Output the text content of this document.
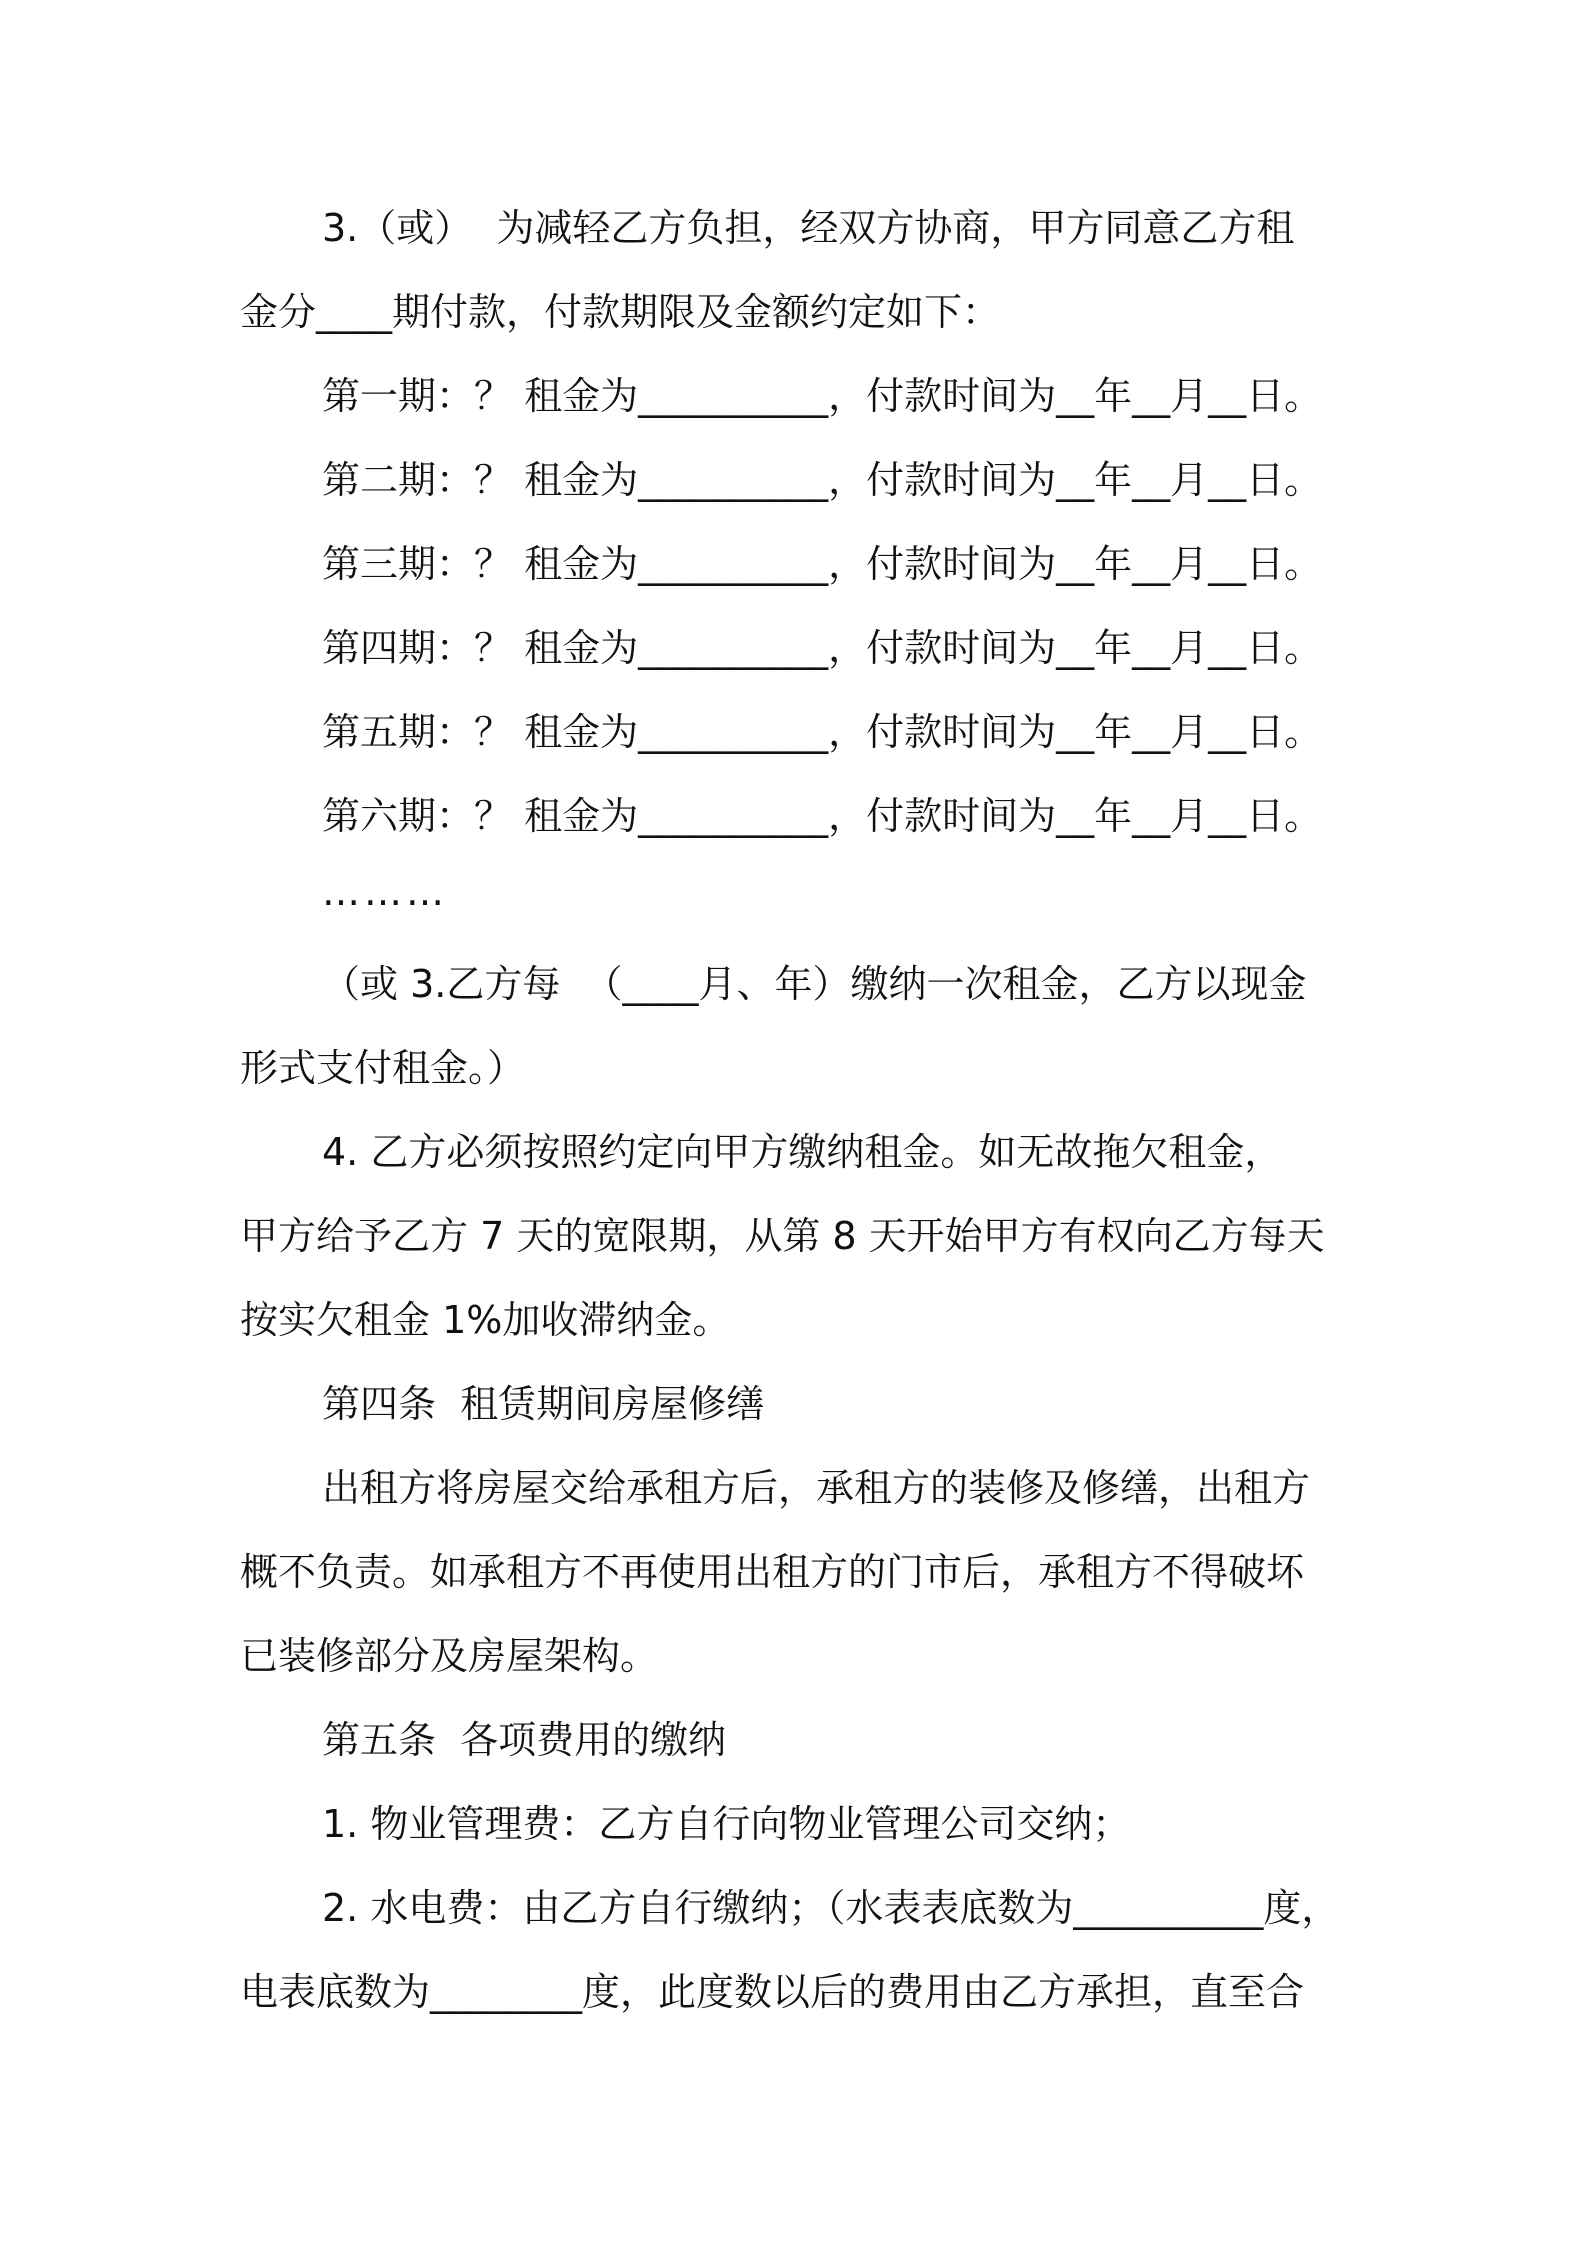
3.（或）  为减轻乙方负担，经双方协商，甲方同意乙方租
金分____期付款，付款期限及金额约定如下：
第一期：？ 租金为__________，付款时间为__年__月__日。
第二期：？ 租金为__________，付款时间为__年__月__日。
第三期：？ 租金为__________，付款时间为__年__月__日。
第四期：？ 租金为__________，付款时间为__年__月__日。
第五期：？ 租金为__________，付款时间为__年__月__日。
第六期：？ 租金为__________，付款时间为__年__月__日。
………
（或 3.乙方每  （____月、年）缴纳一次租金，乙方以现金
形式支付租金。）
4. 乙方必须按照约定向甲方缴纳租金。如无故拖欠租金，
甲方给予乙方 7 天的宽限期，从第 8 天开始甲方有权向乙方每天
按实欠租金 1%加收滞纳金。
第四条  租赁期间房屋修缮
出租方将房屋交给承租方后，承租方的装修及修缮，出租方
概不负责。如承租方不再使用出租方的门市后，承租方不得破坏
已装修部分及房屋架构。
第五条  各项费用的缴纳
1. 物业管理费：乙方自行向物业管理公司交纳；
2. 水电费：由乙方自行缴纳；（水表表底数为__________度，
电表底数为________度，此度数以后的费用由乙方承担，直至合
